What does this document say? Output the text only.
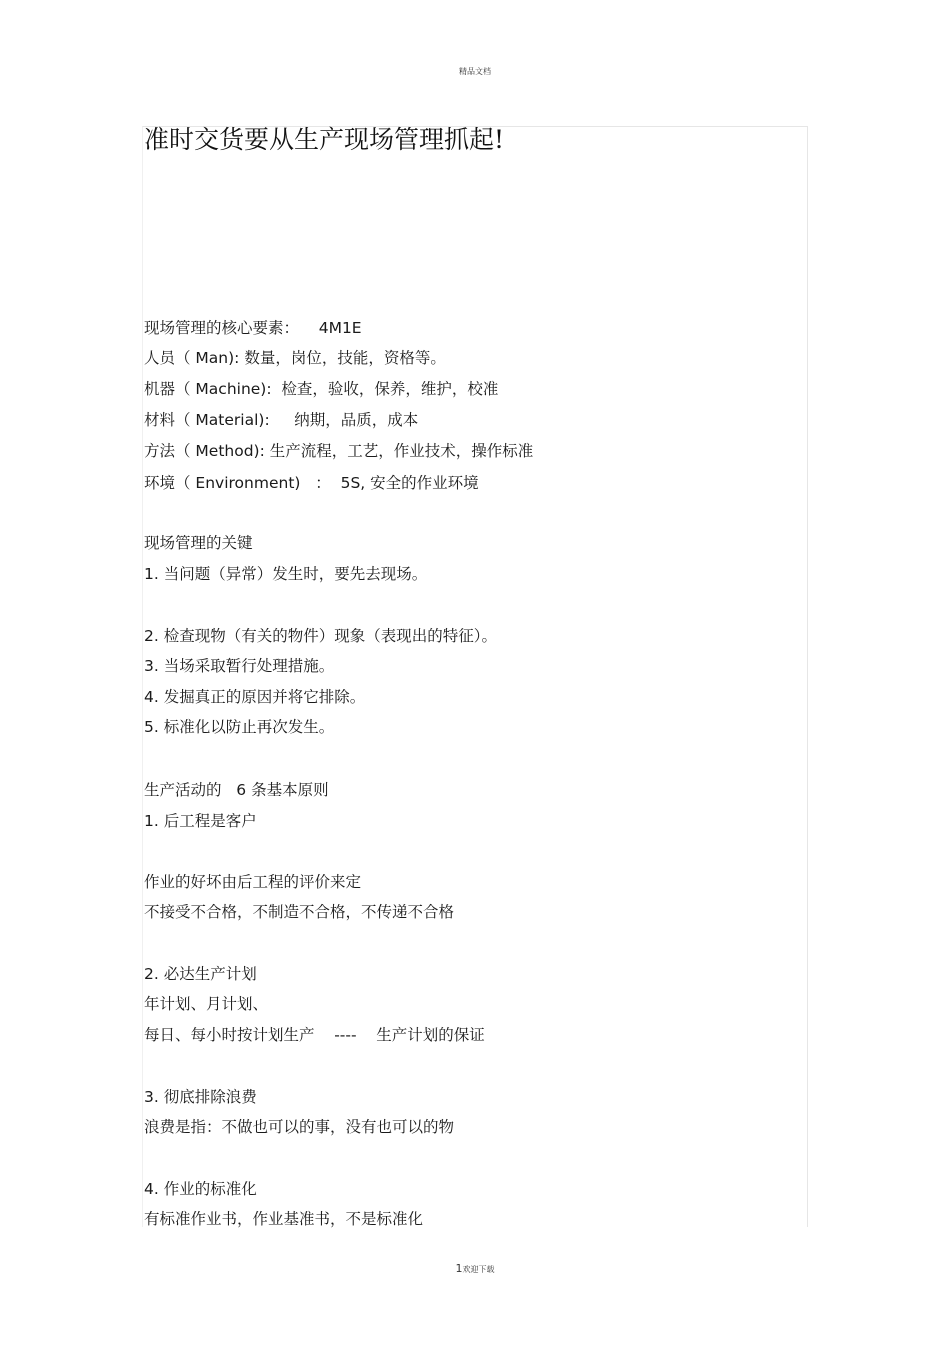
精品文档
准时交货要从生产现场管理抓起!
现场管理的核心要素：    4M1E
人员（ Man): 数量，岗位，技能，资格等。
机器（ Machine):  检查，验收，保养，维护，校准
材料（ Material):     纳期，品质，成本
方法（ Method): 生产流程，工艺，作业技术，操作标准
环境（ Environment)   ：  5S, 安全的作业环境
现场管理的关键
1. 当问题（异常）发生时，要先去现场。
2. 检查现物（有关的物件）现象（表现出的特征）。
3. 当场采取暂行处理措施。
4. 发掘真正的原因并将它排除。
5. 标准化以防止再次发生。
生产活动的   6 条基本原则
1. 后工程是客户
作业的好坏由后工程的评价来定
不接受不合格，不制造不合格，不传递不合格
2. 必达生产计划
年计划、月计划、
每日、每小时按计划生产    ----    生产计划的保证
3. 彻底排除浪费
浪费是指：不做也可以的事，没有也可以的物
4. 作业的标准化
有标准作业书，作业基准书，不是标准化
1欢迎下载
